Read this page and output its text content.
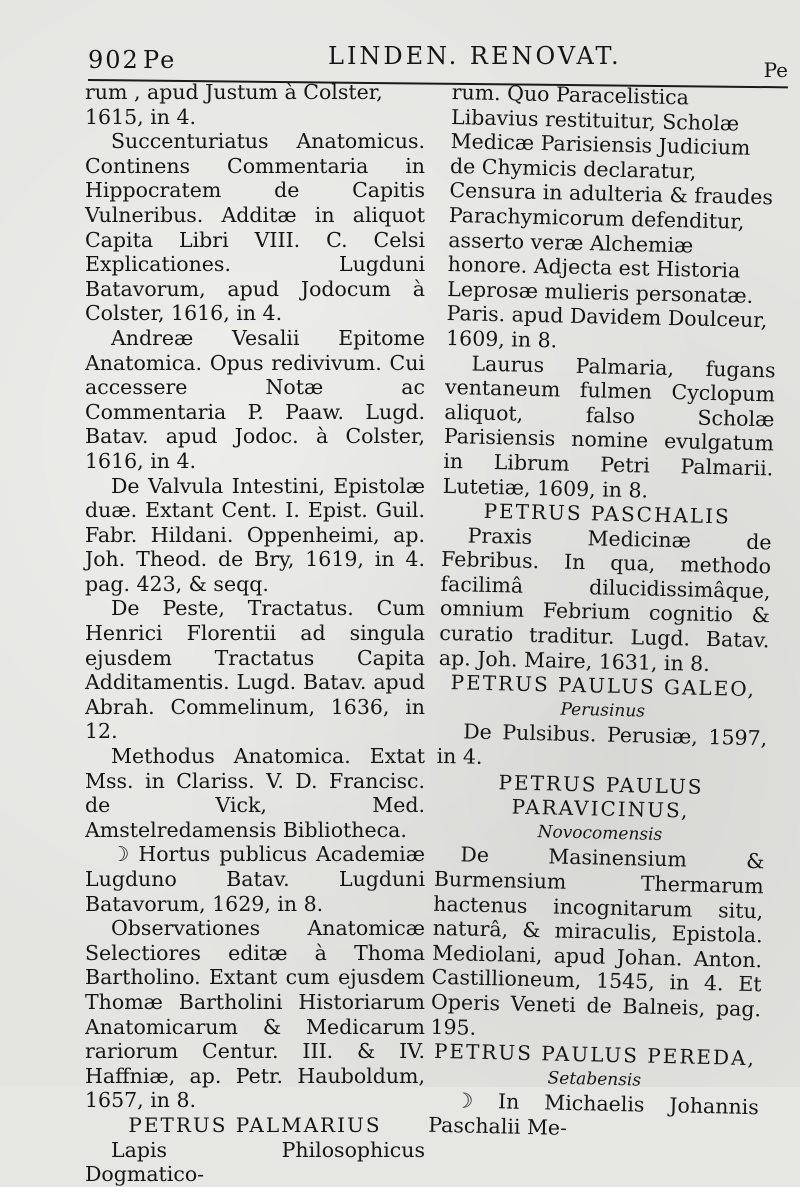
902 Pe	LINDEN. RENOVAT.	Pe

rum , apud Justum à Colster, 1615, in 4.

Succenturiatus Anatomicus. Continens Commentaria in Hippocratem de Capitis Vulneribus. Additæ in aliquot Capita Libri VIII. C. Celsi Explicationes. Lugduni Batavorum, apud Jodocum à Colster, 1616, in 4.

Andreæ Vesalii Epitome Anatomica. Opus redivivum. Cui accessere Notæ ac Commentaria P. Paaw. Lugd. Batav. apud Jodoc. à Colster, 1616, in 4.

De Valvula Intestini, Epistolæ duæ. Extant Cent. I. Epist. Guil. Fabr. Hildani. Oppenheimi, ap. Joh. Theod. de Bry, 1619, in 4. pag. 423, & seqq.

De Peste, Tractatus. Cum Henrici Florentii ad singula ejusdem Tractatus Capita Additamentis. Lugd. Batav. apud Abrah. Commelinum, 1636, in 12.

Methodus Anatomica. Extat Mss. in Clariss. V. D. Francisc. de Vick, Med. Amstelredamensis Bibliotheca.

☽ Hortus publicus Academiæ Lugduno Batav. Lugduni Batavorum, 1629, in 8.

Observationes Anatomicæ Selectiores editæ à Thoma Bartholino. Extant cum ejusdem Thomæ Bartholini Historiarum Anatomicarum & Medicarum rariorum Centur. III. & IV. Haffniæ, ap. Petr. Hauboldum, 1657, in 8.

PETRUS PALMARIUS

Lapis Philosophicus Dogmatico-

rum. Quo Paracelistica Libavius restituitur, Scholæ Medicæ Parisiensis Judicium de Chymicis declaratur, Censura in adulteria & fraudes Parachymicorum defenditur, asserto veræ Alchemiæ honore. Adjecta est Historia Leprosæ mulieris personatæ. Paris. apud Davidem Doulceur, 1609, in 8.

Laurus Palmaria, fugans ventaneum fulmen Cyclopum aliquot, falso Scholæ Parisiensis nomine evulgatum in Librum Petri Palmarii. Lutetiæ, 1609, in 8.

PETRUS PASCHALIS

Praxis Medicinæ de Febribus. In qua, methodo facilimâ dilucidissimâque, omnium Febrium cognitio & curatio traditur. Lugd. Batav. ap. Joh. Maire, 1631, in 8.

PETRUS PAULUS GALEO,

Perusinus

De Pulsibus. Perusiæ, 1597, in 4.

PETRUS PAULUS PARAVICINUS,

Novocomensis

De Masinensium & Burmensium Thermarum hactenus incognitarum situ, naturâ, & miraculis, Epistola. Mediolani, apud Johan. Anton. Castillioneum, 1545, in 4. Et Operis Veneti de Balneis, pag. 195.

PETRUS PAULUS PEREDA,

Setabensis

☽ In Michaelis Johannis Paschalii Me-
